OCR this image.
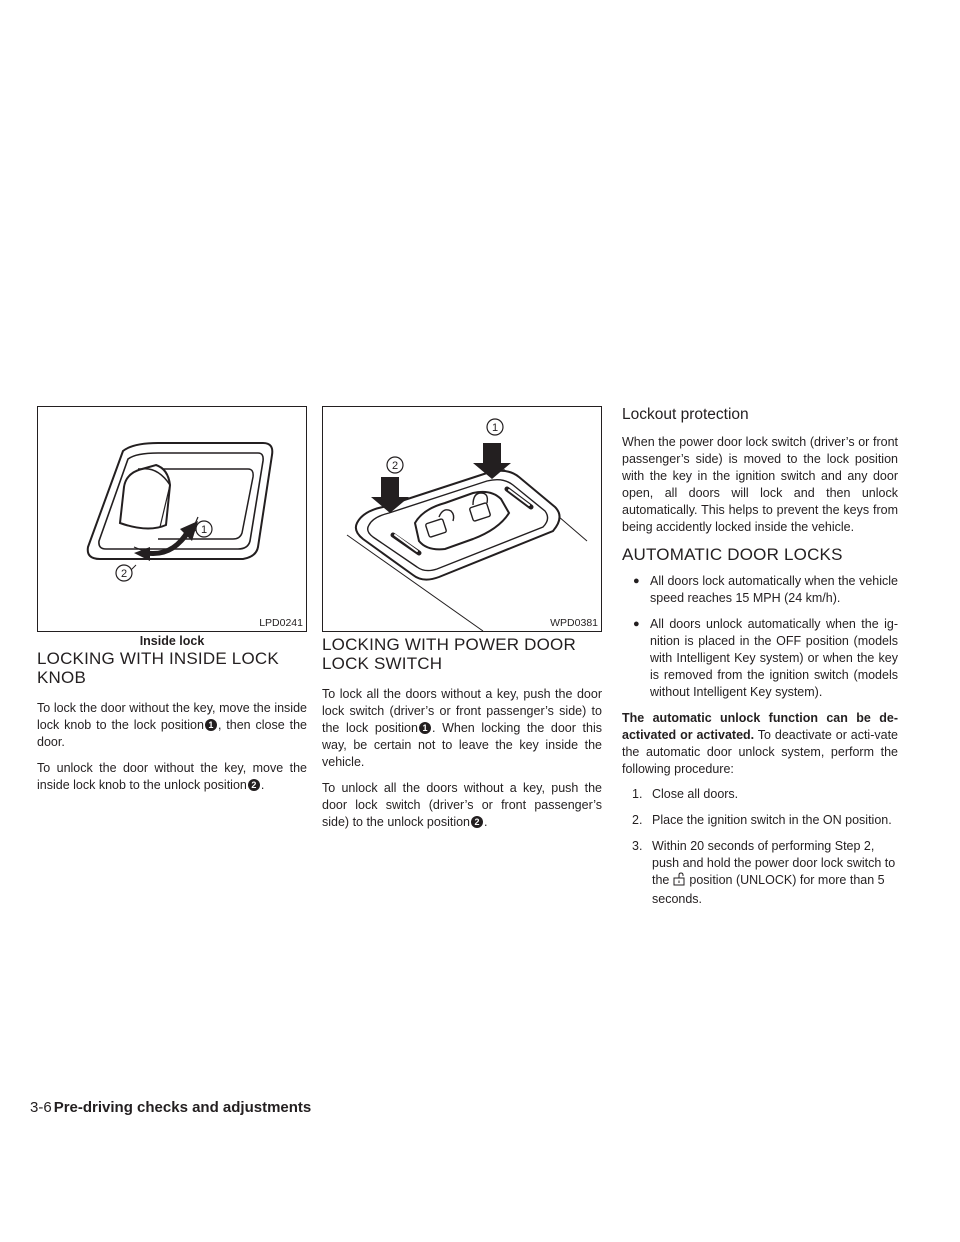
1
2
LPD0241
Inside lock
LOCKING WITH INSIDE LOCK KNOB

To lock the door without the key, move the inside lock knob to the lock position 1 , then close the door.

To unlock the door without the key, move the inside lock knob to the unlock position 2 .

1
2
WPD0381
LOCKING WITH POWER DOOR LOCK SWITCH

To lock all the doors without a key, push the door lock switch (driver’s or front passenger’s side) to the lock position 1 . When locking the door this way, be certain not to leave the key inside the vehicle.

To unlock all the doors without a key, push the door lock switch (driver’s or front passenger’s side) to the unlock position 2 .

Lockout protection

When the power door lock switch (driver’s or front passenger’s side) is moved to the lock position with the key in the ignition switch and any door open, all doors will lock and then unlock automatically. This helps to prevent the keys from being accidently locked inside the vehicle.

AUTOMATIC DOOR LOCKS
● All doors lock automatically when the vehicle speed reaches 15 MPH (24 km/h).
● All doors unlock automatically when the ig-nition is placed in the OFF position (models with Intelligent Key system) or when the key is removed from the ignition switch (models without Intelligent Key system).

The automatic unlock function can be de-activated or activated. To deactivate or acti-vate the automatic door unlock system, perform the following procedure:

1. Close all doors.
2. Place the ignition switch in the ON position.
3. Within 20 seconds of performing Step 2, push and hold the power door lock switch to the position (UNLOCK) for more than 5 seconds.
3-6 Pre-driving checks and adjustments
